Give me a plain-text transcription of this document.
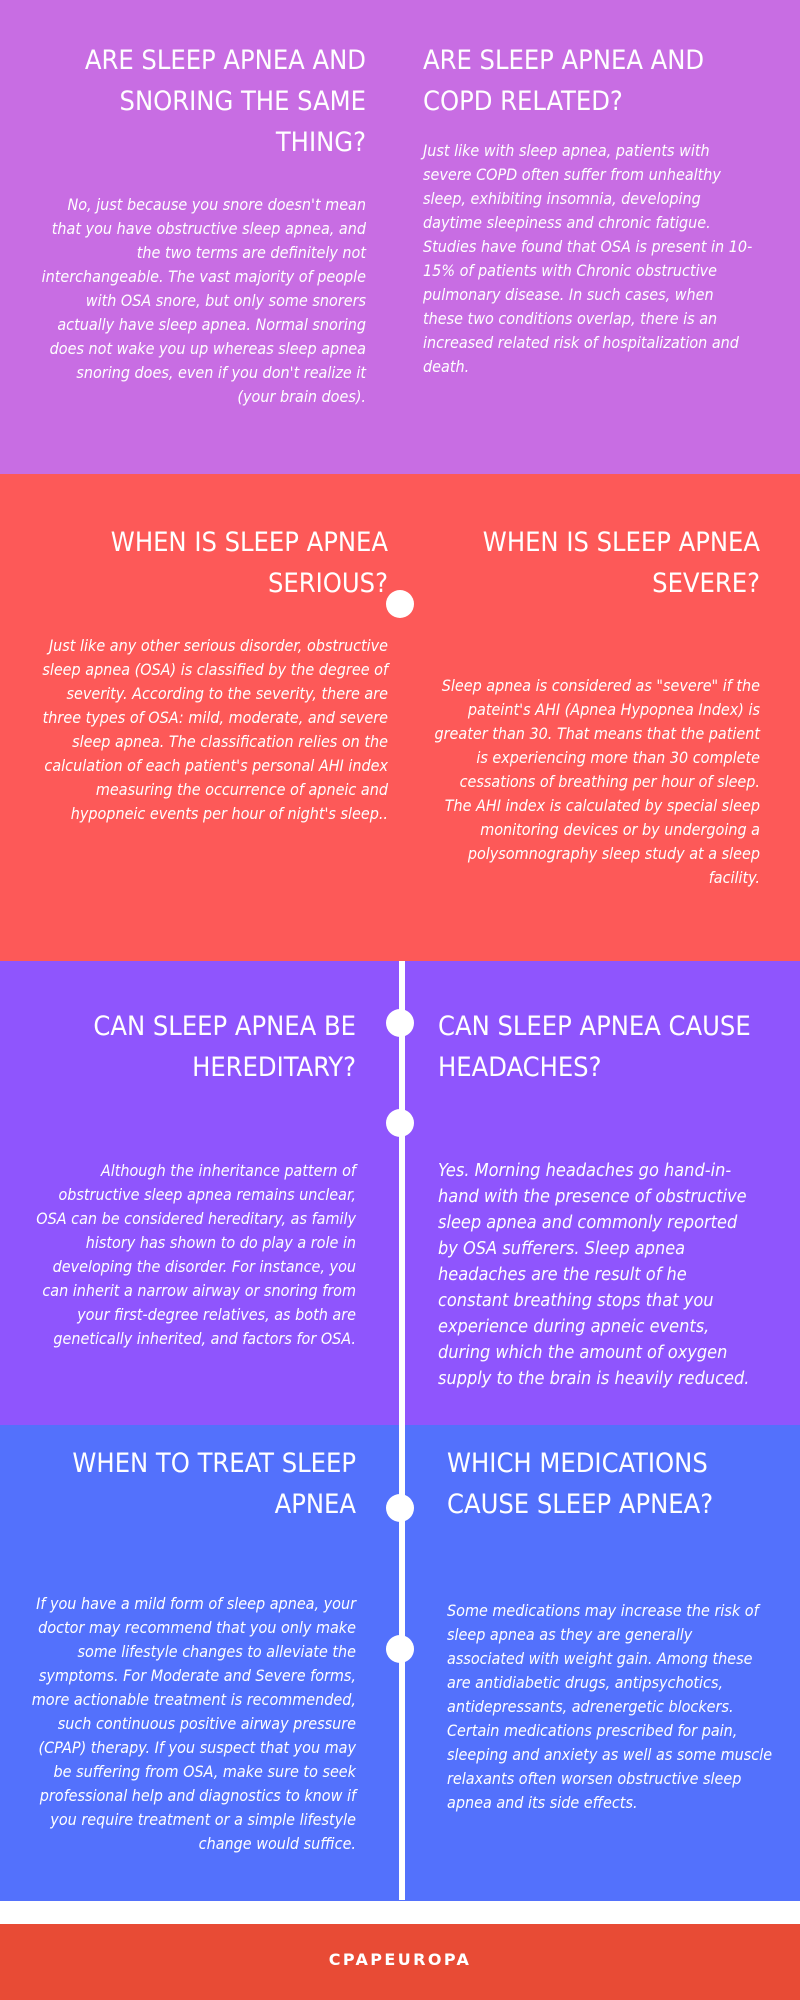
ARE SLEEP APNEA AND SNORING THE SAME THING?

No, just because you snore doesn't mean that you have obstructive sleep apnea, and the two terms are definitely not interchangeable. The vast majority of people with OSA snore, but only some snorers actually have sleep apnea. Normal snoring does not wake you up whereas sleep apnea snoring does, even if you don't realize it (your brain does).

ARE SLEEP APNEA AND COPD RELATED?

Just like with sleep apnea, patients with severe COPD often suffer from unhealthy sleep, exhibiting insomnia, developing daytime sleepiness and chronic fatigue. Studies have found that OSA is present in 10-15% of patients with Chronic obstructive pulmonary disease. In such cases, when these two conditions overlap, there is an increased related risk of hospitalization and death.

WHEN IS SLEEP APNEA SERIOUS?

Just like any other serious disorder, obstructive sleep apnea (OSA) is classified by the degree of severity. According to the severity, there are three types of OSA: mild, moderate, and severe sleep apnea. The classification relies on the calculation of each patient's personal AHI index measuring the occurrence of apneic and hypopneic events per hour of night's sleep..

WHEN IS SLEEP APNEA SEVERE?

Sleep apnea is considered as "severe" if the pateint's AHI (Apnea Hypopnea Index) is greater than 30. That means that the patient is experiencing more than 30 complete cessations of breathing per hour of sleep. The AHI index is calculated by special sleep monitoring devices or by undergoing a polysomnography sleep study at a sleep facility.

CAN SLEEP APNEA BE HEREDITARY?

Although the inheritance pattern of obstructive sleep apnea remains unclear, OSA can be considered hereditary, as family history has shown to do play a role in developing the disorder. For instance, you can inherit a narrow airway or snoring from your first-degree relatives, as both are genetically inherited, and factors for OSA.

CAN SLEEP APNEA CAUSE HEADACHES?

Yes. Morning headaches go hand-in-hand with the presence of obstructive sleep apnea and commonly reported by OSA sufferers. Sleep apnea headaches are the result of he constant breathing stops that you experience during apneic events, during which the amount of oxygen supply to the brain is heavily reduced.

WHEN TO TREAT SLEEP APNEA

If you have a mild form of sleep apnea, your doctor may recommend that you only make some lifestyle changes to alleviate the symptoms. For Moderate and Severe forms, more actionable treatment is recommended, such continuous positive airway pressure (CPAP) therapy. If you suspect that you may be suffering from OSA, make sure to seek professional help and diagnostics to know if you require treatment or a simple lifestyle change would suffice.

WHICH MEDICATIONS CAUSE SLEEP APNEA?

Some medications may increase the risk of sleep apnea as they are generally associated with weight gain. Among these are antidiabetic drugs, antipsychotics, antidepressants, adrenergetic blockers. Certain medications prescribed for pain, sleeping and anxiety as well as some muscle relaxants often worsen obstructive sleep apnea and its side effects.

CPAPEUROPA
